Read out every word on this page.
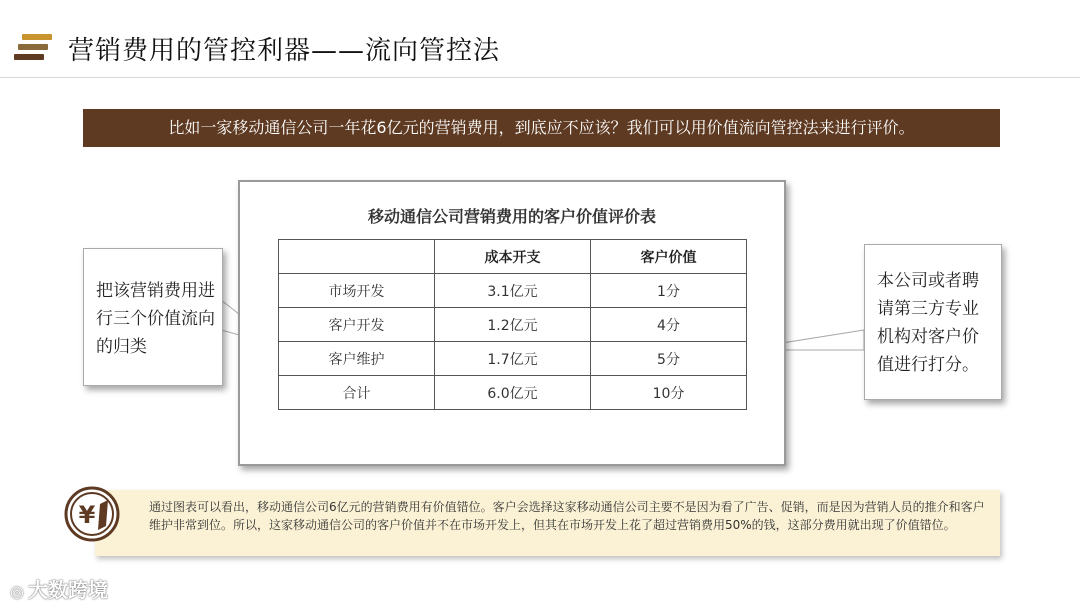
营销费用的管控利器——流向管控法
比如一家移动通信公司一年花6亿元的营销费用，到底应不应该？我们可以用价值流向管控法来进行评价。
移动通信公司营销费用的客户价值评价表
	成本开支	客户价值
市场开发	3.1亿元	1分
客户开发	1.2亿元	4分
客户维护	1.7亿元	5分
合计	6.0亿元	10分
把该营销费用进行三个价值流向的归类
本公司或者聘请第三方专业机构对客户价值进行打分。
通过图表可以看出，移动通信公司6亿元的营销费用有价值错位。客户会选择这家移动通信公司主要不是因为看了广告、促销，而是因为营销人员的推介和客户维护非常到位。所以，这家移动通信公司的客户价值并不在市场开发上，但其在市场开发上花了超过营销费用50%的钱，这部分费用就出现了价值错位。
¥
◎ 大数跨境
